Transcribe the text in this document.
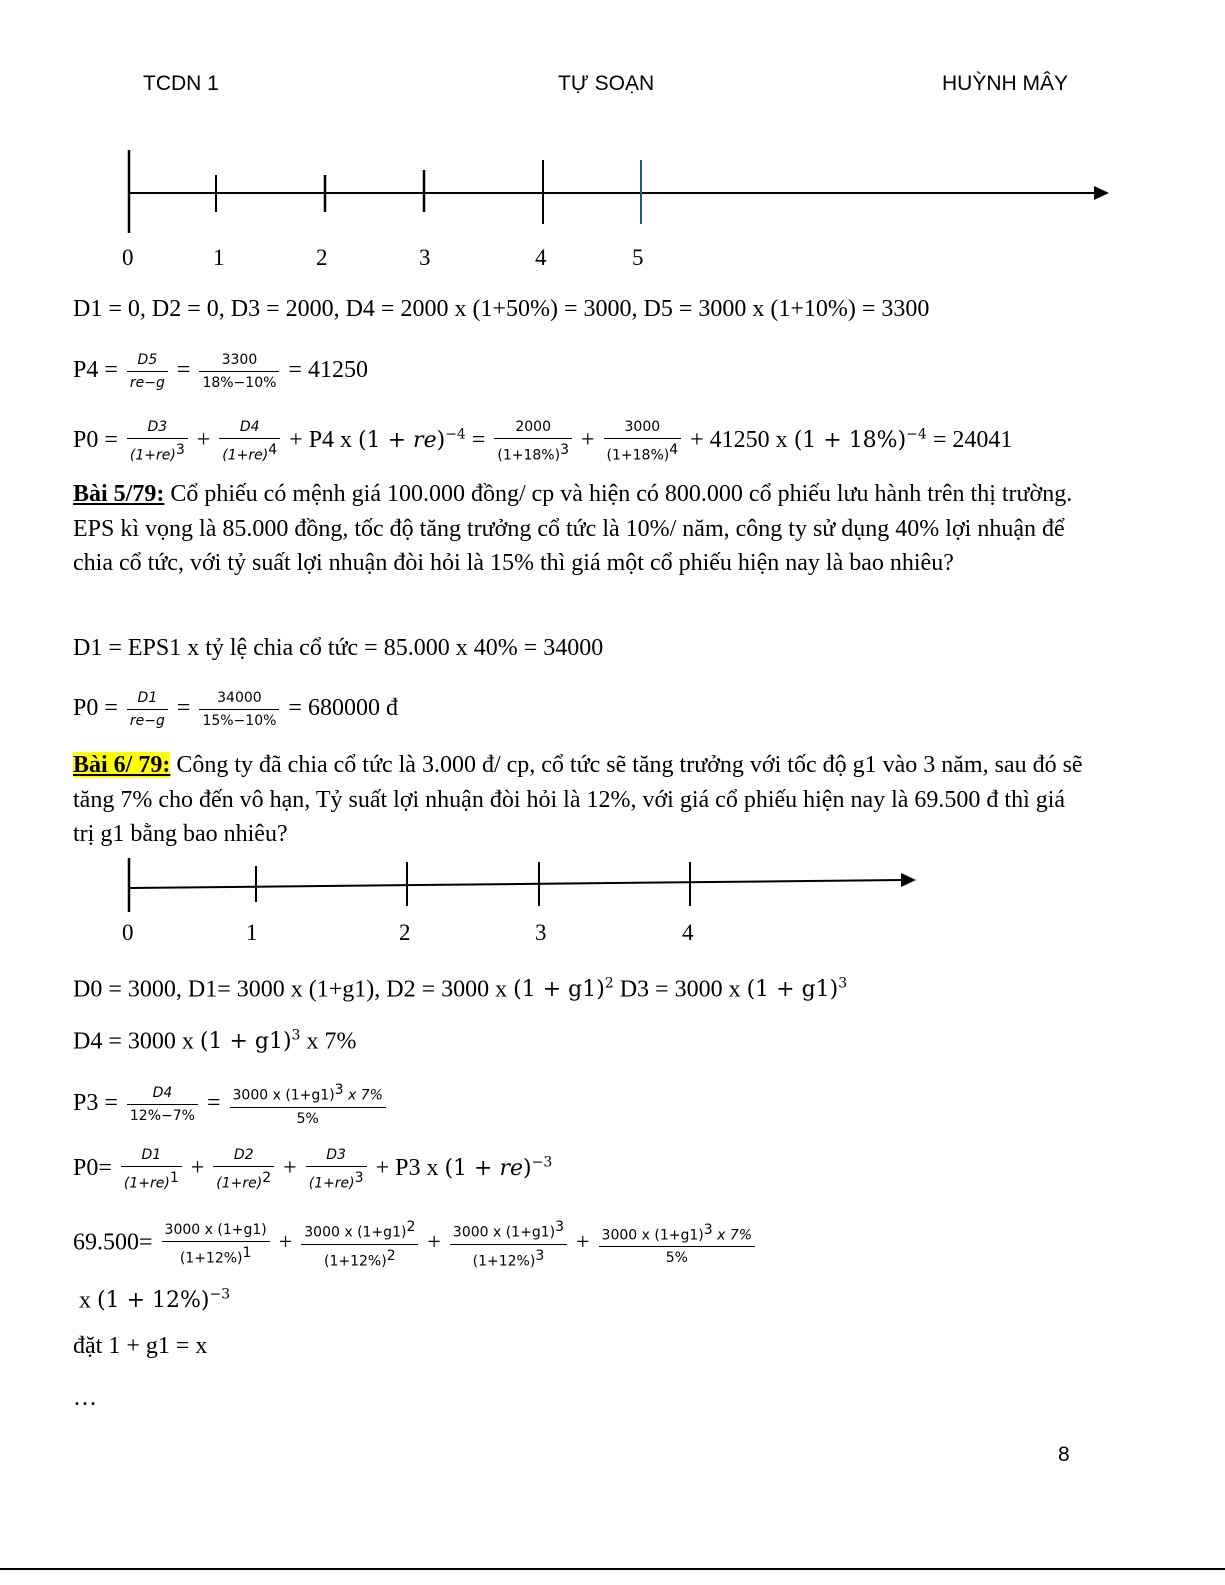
TCDN 1	TỰ SOẠN	HUỲNH MÂY
0	1	2	3	4	5
D1 = 0, D2 = 0, D3 = 2000, D4 = 2000 x (1+50%) = 3000, D5 = 3000 x (1+10%) = 3300
$P4 = \frac{D5}{re-g} = \frac{3300}{18\%-10\%} = 41250$
$P0 = \frac{D3}{(1+re)^3} + \frac{D4}{(1+re)^4} + P4$ x $(1 + re)^{-4} = \frac{2000}{(1+18\%)^3} + \frac{3000}{(1+18\%)^4} + 41250$ x $(1 + 18\%)^{-4} = 24041$
Bài 5/79: Cổ phiếu có mệnh giá 100.000 đồng/ cp và hiện có 800.000 cổ phiếu lưu hành trên thị trường. EPS kì vọng là 85.000 đồng, tốc độ tăng trưởng cổ tức là 10%/ năm, công ty sử dụng 40% lợi nhuận để chia cổ tức, với tỷ suất lợi nhuận đòi hỏi là 15% thì giá một cổ phiếu hiện nay là bao nhiêu?
D1 = EPS1 x tỷ lệ chia cổ tức = 85.000 x 40% = 34000
$P0 = \frac{D1}{re-g} = \frac{34000}{15\%-10\%} = 680000$ đ
Bài 6/ 79: Công ty đã chia cổ tức là 3.000 đ/ cp, cổ tức sẽ tăng trưởng với tốc độ g1 vào 3 năm, sau đó sẽ tăng 7% cho đến vô hạn, Tỷ suất lợi nhuận đòi hỏi là 12%, với giá cổ phiếu hiện nay là 69.500 đ thì giá trị g1 bằng bao nhiêu?
0	1	2	3	4
D0 = 3000, D1= 3000 x (1+g1), D2 = 3000 x $(1 + g1)^2$ D3 = 3000 x $(1 + g1)^3$
D4 = 3000 x $(1 + g1)^3$ x 7%
$P3 = \frac{D4}{12\%-7\%} = \frac{3000 x (1+g1)^3 x 7\%}{5\%}$
$P0= \frac{D1}{(1+re)^1} + \frac{D2}{(1+re)^2} + \frac{D3}{(1+re)^3} + P3$ x (1 + re)$^{-3}$
$69.500= \frac{3000 x (1+g1)}{(1+12\%)^1} + \frac{3000 x (1+g1)^2}{(1+12\%)^2} + \frac{3000 x (1+g1)^3}{(1+12\%)^3} + \frac{3000 x (1+g1)^3 x 7\%}{5\%}$
x $(1 + 12\%)^{-3}$
đặt 1 + g1 = x
…
8
